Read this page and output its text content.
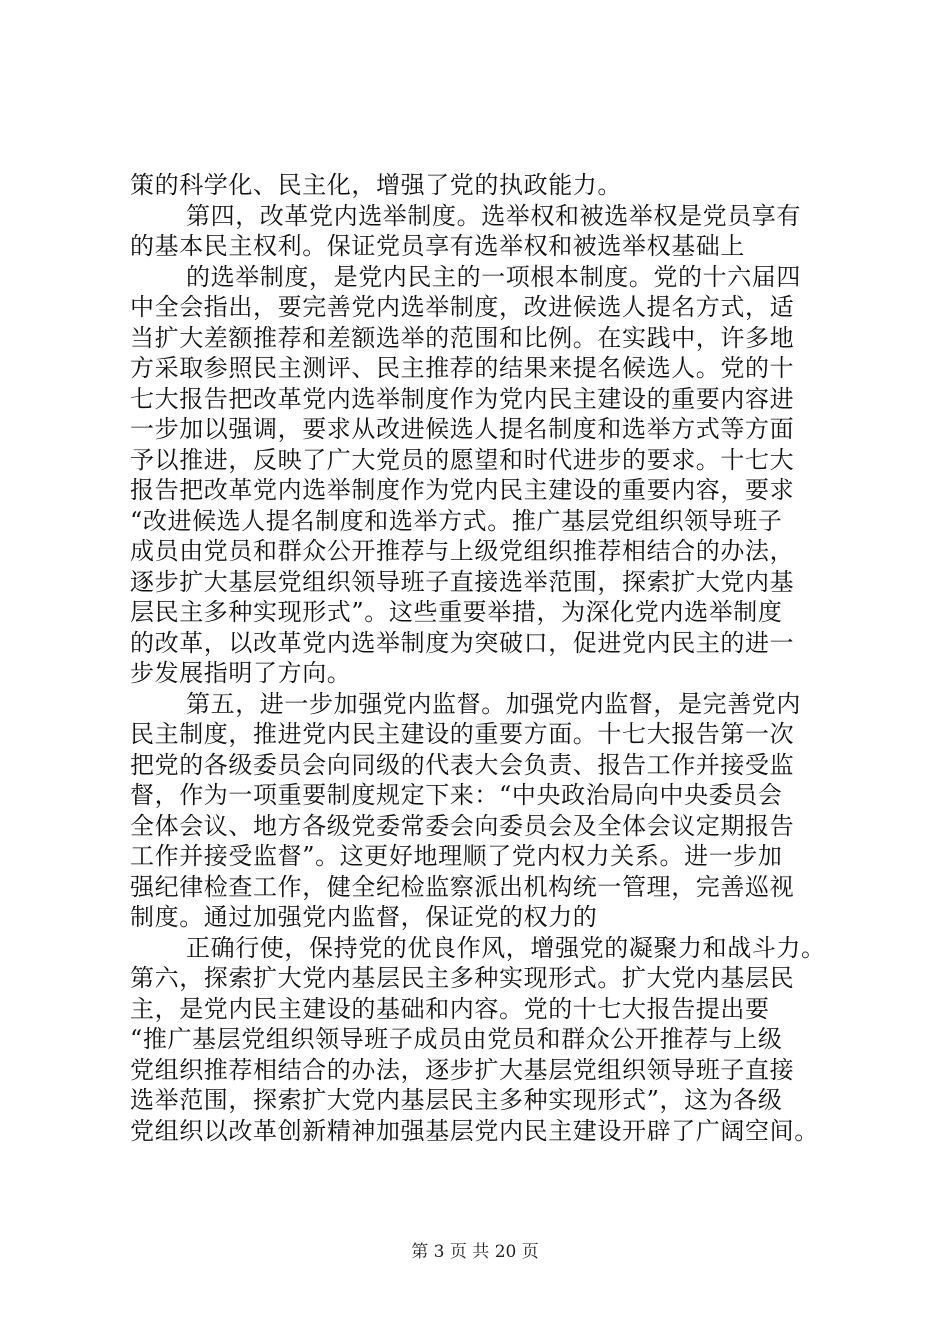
策的科学化、民主化，增强了党的执政能力。
第四，改革党内选举制度。选举权和被选举权是党员享有
的基本民主权利。保证党员享有选举权和被选举权基础上
的选举制度，是党内民主的一项根本制度。党的十六届四
中全会指出，要完善党内选举制度，改进候选人提名方式，适
当扩大差额推荐和差额选举的范围和比例。在实践中，许多地
方采取参照民主测评、民主推荐的结果来提名候选人。党的十
七大报告把改革党内选举制度作为党内民主建设的重要内容进
一步加以强调，要求从改进候选人提名制度和选举方式等方面
予以推进，反映了广大党员的愿望和时代进步的要求。十七大
报告把改革党内选举制度作为党内民主建设的重要内容，要求
“改进候选人提名制度和选举方式。推广基层党组织领导班子
成员由党员和群众公开推荐与上级党组织推荐相结合的办法，
逐步扩大基层党组织领导班子直接选举范围，探索扩大党内基
层民主多种实现形式”。这些重要举措，为深化党内选举制度
的改革，以改革党内选举制度为突破口，促进党内民主的进一
步发展指明了方向。
第五，进一步加强党内监督。加强党内监督，是完善党内
民主制度，推进党内民主建设的重要方面。十七大报告第一次
把党的各级委员会向同级的代表大会负责、报告工作并接受监
督，作为一项重要制度规定下来：“中央政治局向中央委员会
全体会议、地方各级党委常委会向委员会及全体会议定期报告
工作并接受监督”。这更好地理顺了党内权力关系。进一步加
强纪律检查工作，健全纪检监察派出机构统一管理，完善巡视
制度。通过加强党内监督，保证党的权力的
正确行使，保持党的优良作风，增强党的凝聚力和战斗力。
第六，探索扩大党内基层民主多种实现形式。扩大党内基层民
主，是党内民主建设的基础和内容。党的十七大报告提出要
“推广基层党组织领导班子成员由党员和群众公开推荐与上级
党组织推荐相结合的办法，逐步扩大基层党组织领导班子直接
选举范围，探索扩大党内基层民主多种实现形式”，这为各级
党组织以改革创新精神加强基层党内民主建设开辟了广阔空间。
第 3 页 共 20 页
